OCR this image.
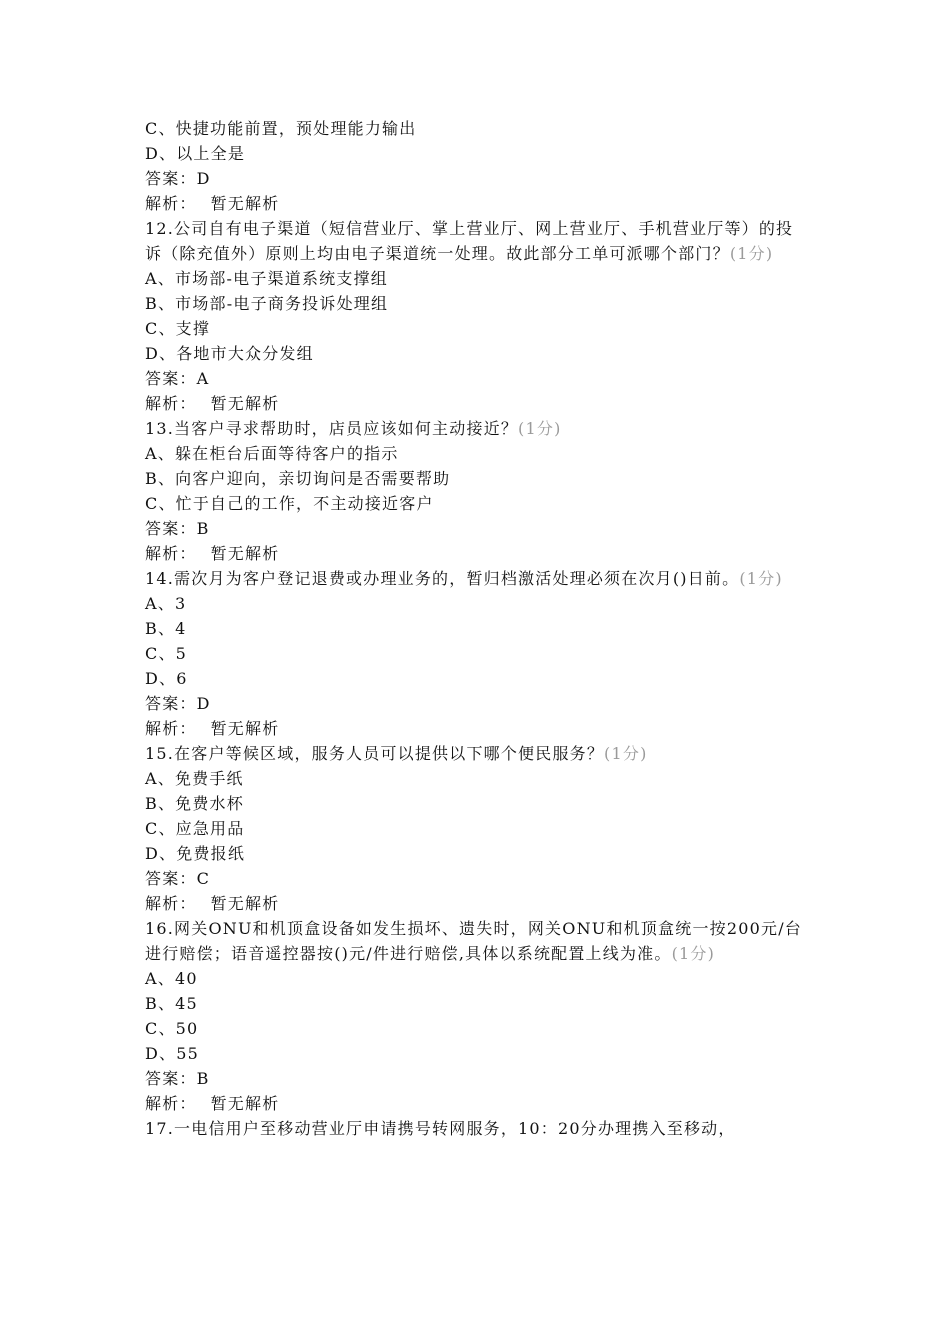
C、快捷功能前置，预处理能力输出
D、以上全是
答案：D
解析： 暂无解析
12.公司自有电子渠道（短信营业厅、掌上营业厅、网上营业厅、手机营业厅等）的投诉（除充值外）原则上均由电子渠道统一处理。故此部分工单可派哪个部门？(1分)
A、市场部-电子渠道系统支撑组
B、市场部-电子商务投诉处理组
C、支撑
D、各地市大众分发组
答案：A
解析： 暂无解析
13.当客户寻求帮助时，店员应该如何主动接近？(1分)
A、躲在柜台后面等待客户的指示
B、向客户迎向，亲切询问是否需要帮助
C、忙于自己的工作，不主动接近客户
答案：B
解析： 暂无解析
14.需次月为客户登记退费或办理业务的，暂归档激活处理必须在次月()日前。(1分)
A、3
B、4
C、5
D、6
答案：D
解析： 暂无解析
15.在客户等候区域，服务人员可以提供以下哪个便民服务？(1分)
A、免费手纸
B、免费水杯
C、应急用品
D、免费报纸
答案：C
解析： 暂无解析
16.网关ONU和机顶盒设备如发生损坏、遗失时，网关ONU和机顶盒统一按200元/台进行赔偿；语音遥控器按()元/件进行赔偿,具体以系统配置上线为准。(1分)
A、40
B、45
C、50
D、55
答案：B
解析： 暂无解析
17.一电信用户至移动营业厅申请携号转网服务，10：20分办理携入至移动，
